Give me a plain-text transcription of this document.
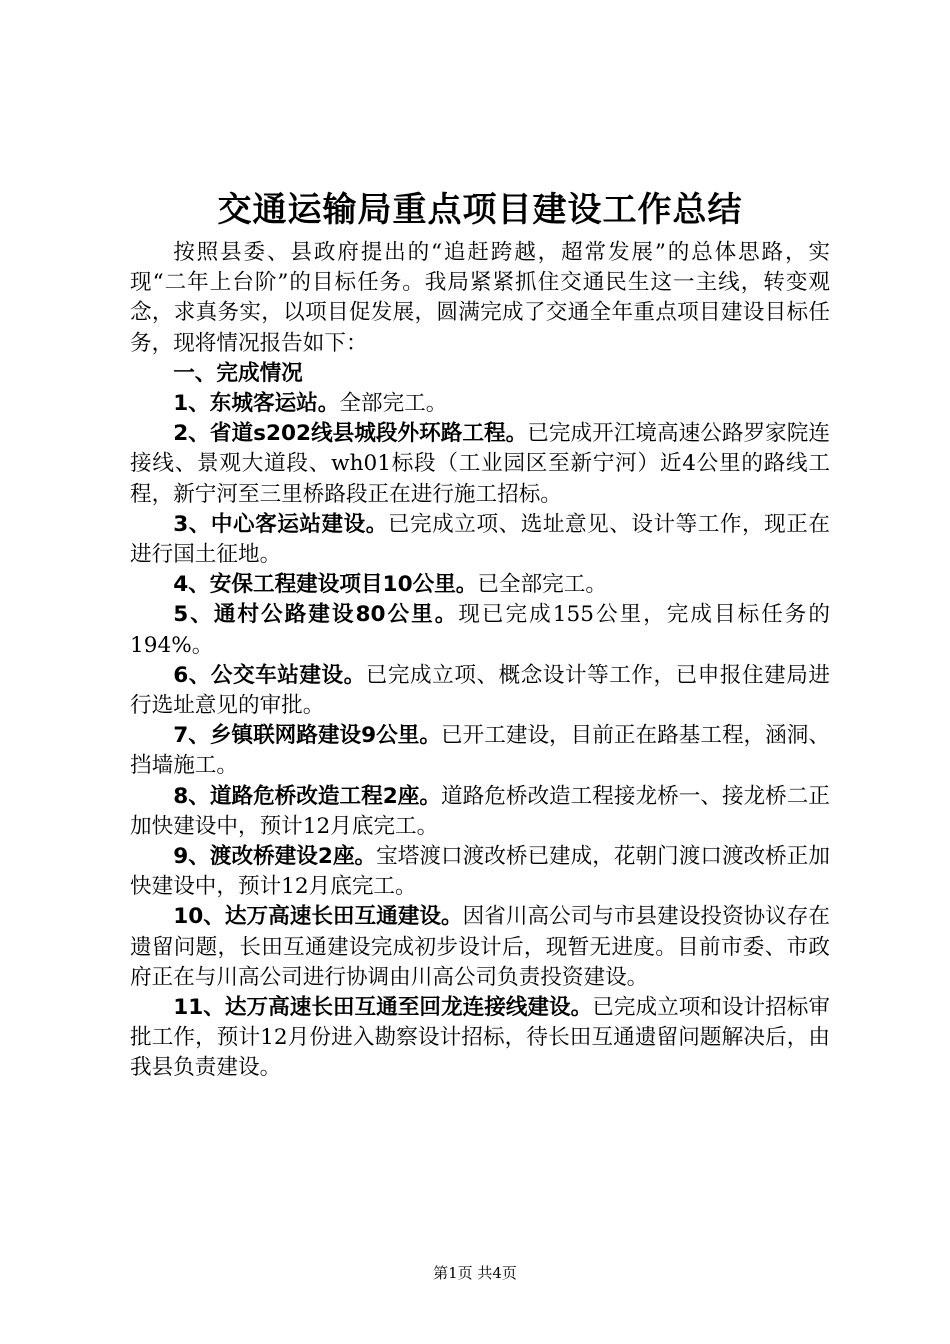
交通运输局重点项目建设工作总结

按照县委、县政府提出的“追赶跨越，超常发展”的总体思路，实现“二年上台阶”的目标任务。我局紧紧抓住交通民生这一主线，转变观念，求真务实，以项目促发展，圆满完成了交通全年重点项目建设目标任务，现将情况报告如下：

一、完成情况

1、东城客运站。全部完工。

2、省道s202线县城段外环路工程。已完成开江境高速公路罗家院连接线、景观大道段、wh01标段（工业园区至新宁河）近4公里的路线工程，新宁河至三里桥路段正在进行施工招标。

3、中心客运站建设。已完成立项、选址意见、设计等工作，现正在进行国土征地。

4、安保工程建设项目10公里。已全部完工。

5、通村公路建设80公里。现已完成155公里，完成目标任务的194%。

6、公交车站建设。已完成立项、概念设计等工作，已申报住建局进行选址意见的审批。

7、乡镇联网路建设9公里。已开工建设，目前正在路基工程，涵洞、挡墙施工。

8、道路危桥改造工程2座。道路危桥改造工程接龙桥一、接龙桥二正加快建设中，预计12月底完工。

9、渡改桥建设2座。宝塔渡口渡改桥已建成，花朝门渡口渡改桥正加快建设中，预计12月底完工。

10、达万高速长田互通建设。因省川高公司与市县建设投资协议存在遗留问题，长田互通建设完成初步设计后，现暂无进度。目前市委、市政府正在与川高公司进行协调由川高公司负责投资建设。

11、达万高速长田互通至回龙连接线建设。已完成立项和设计招标审批工作，预计12月份进入勘察设计招标，待长田互通遗留问题解决后，由我县负责建设。

第1页 共4页
